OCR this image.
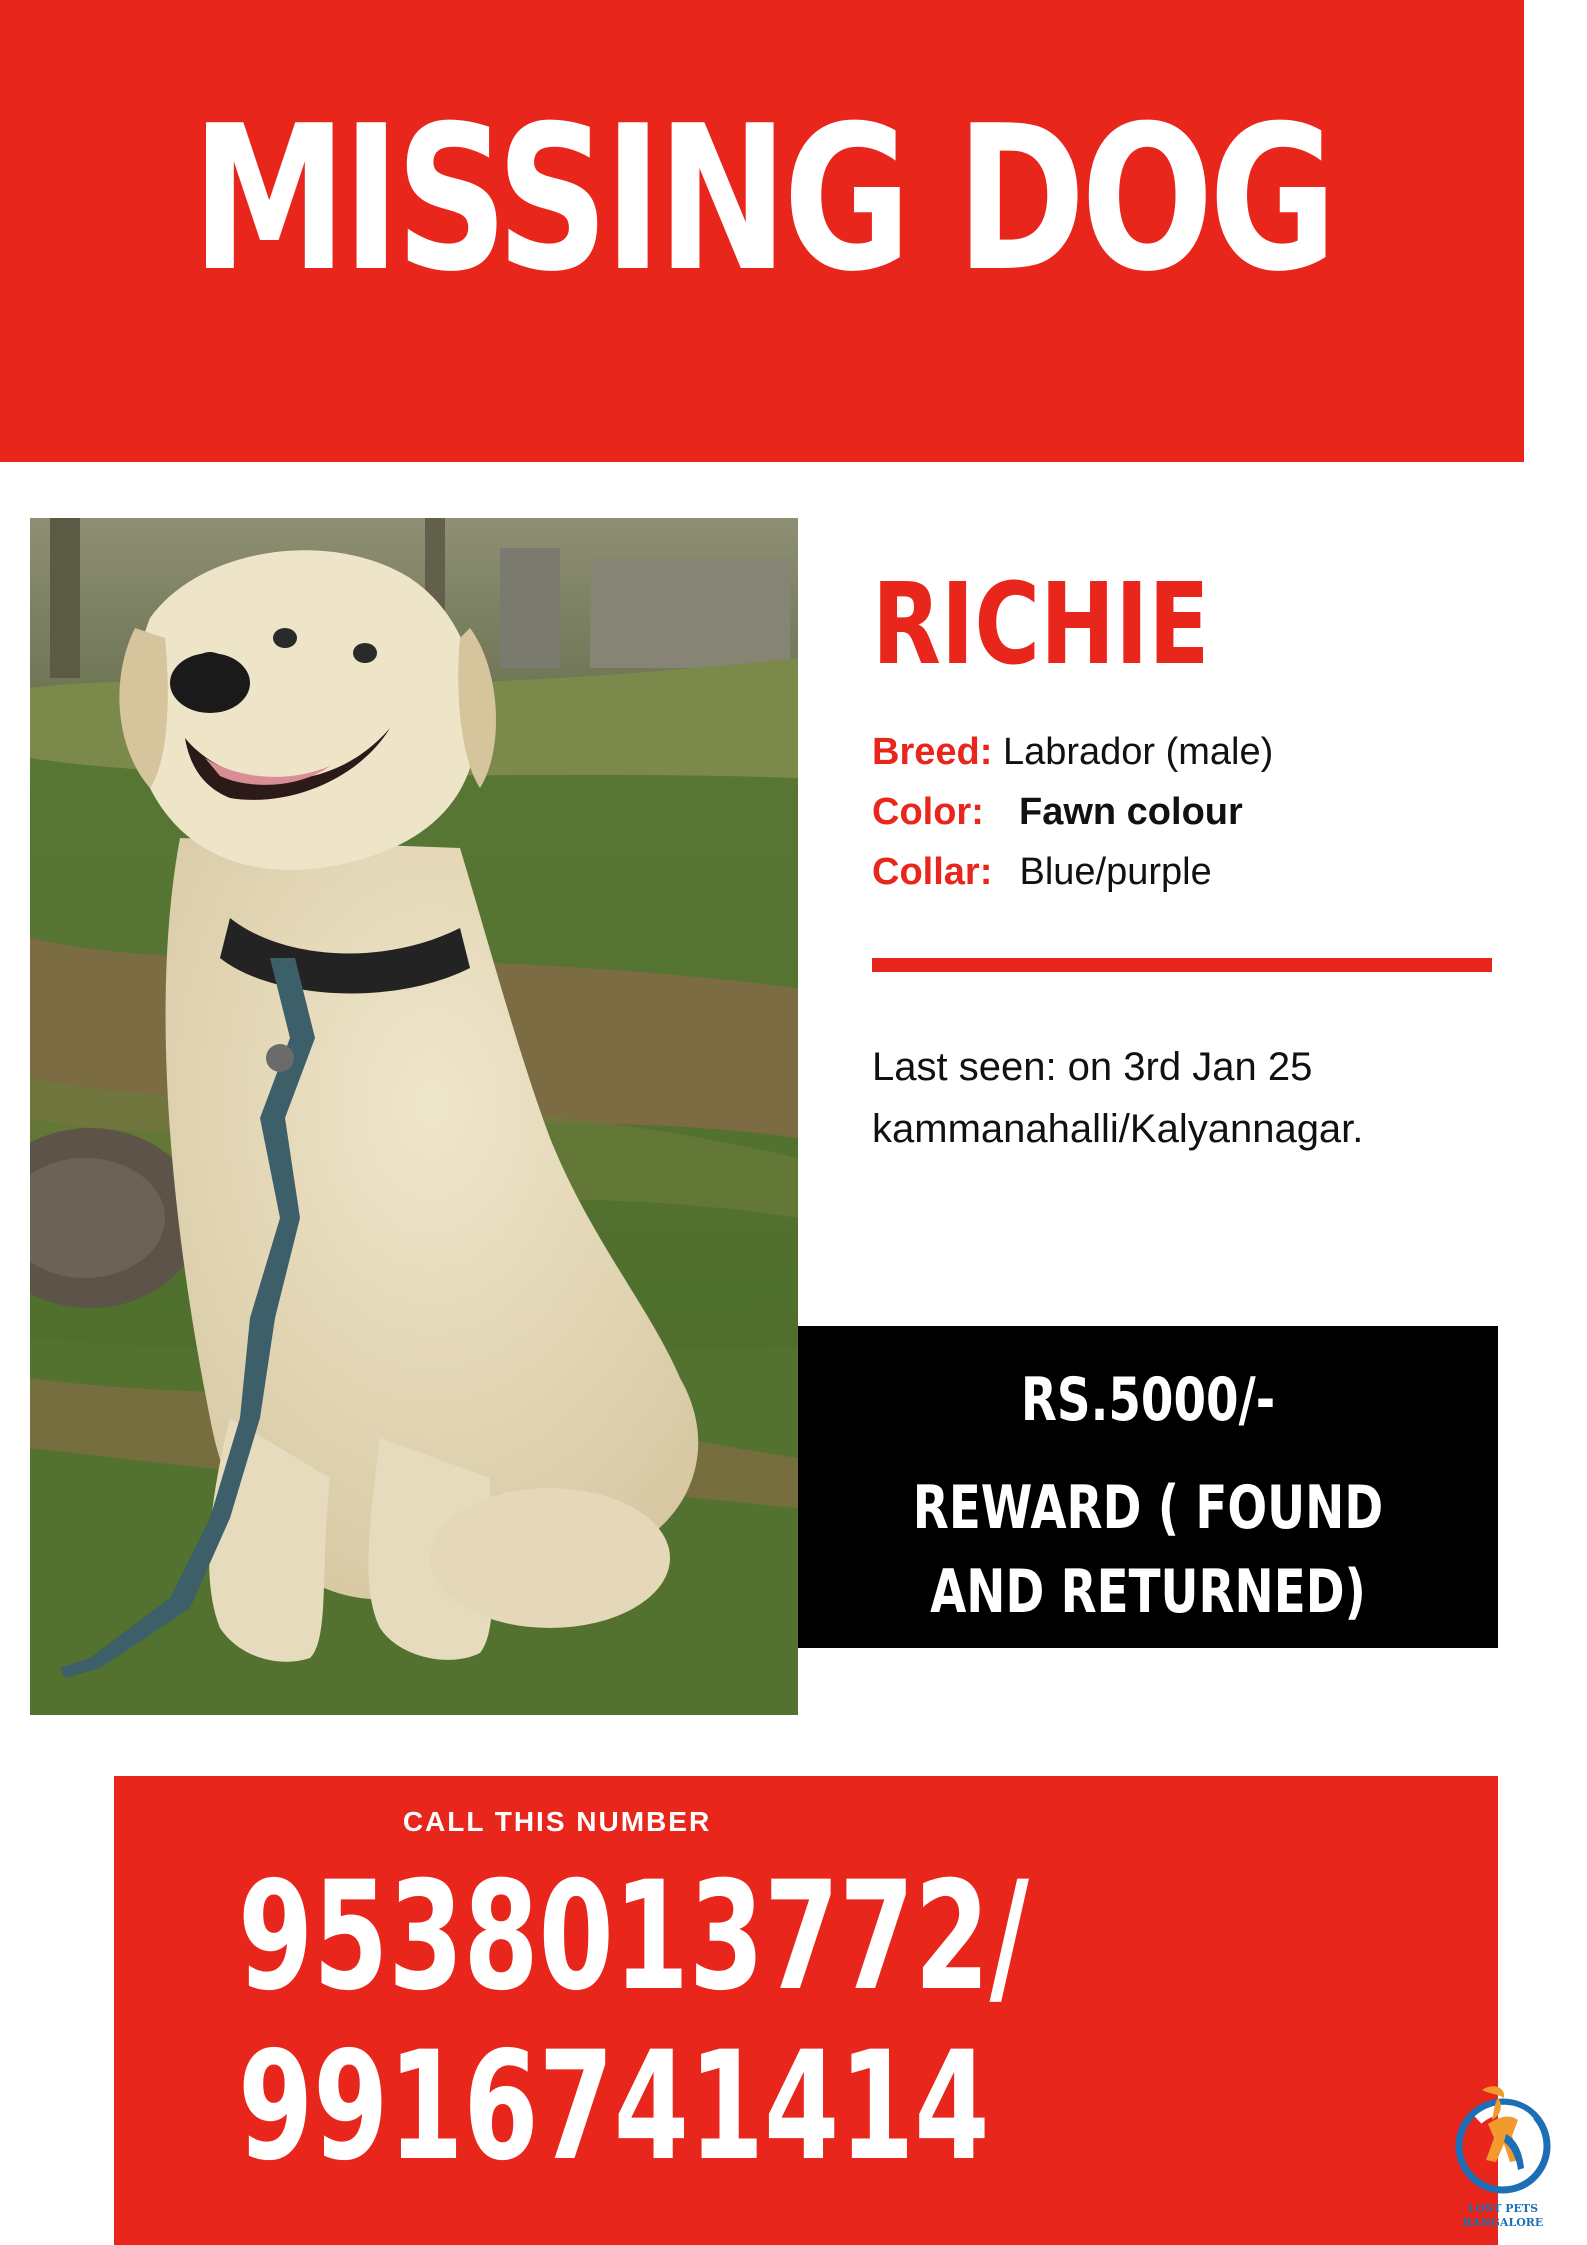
MISSING DOG
RICHIE
Breed: Labrador (male)
Color: Fawn colour
Collar: Blue/purple
Last seen: on 3rd Jan 25
kammanahalli/Kalyannagar.
RS.5000/-
REWARD ( FOUND AND RETURNED)
CALL THIS NUMBER
9538013772/
9916741414
LOST PETS
BANGALORE
